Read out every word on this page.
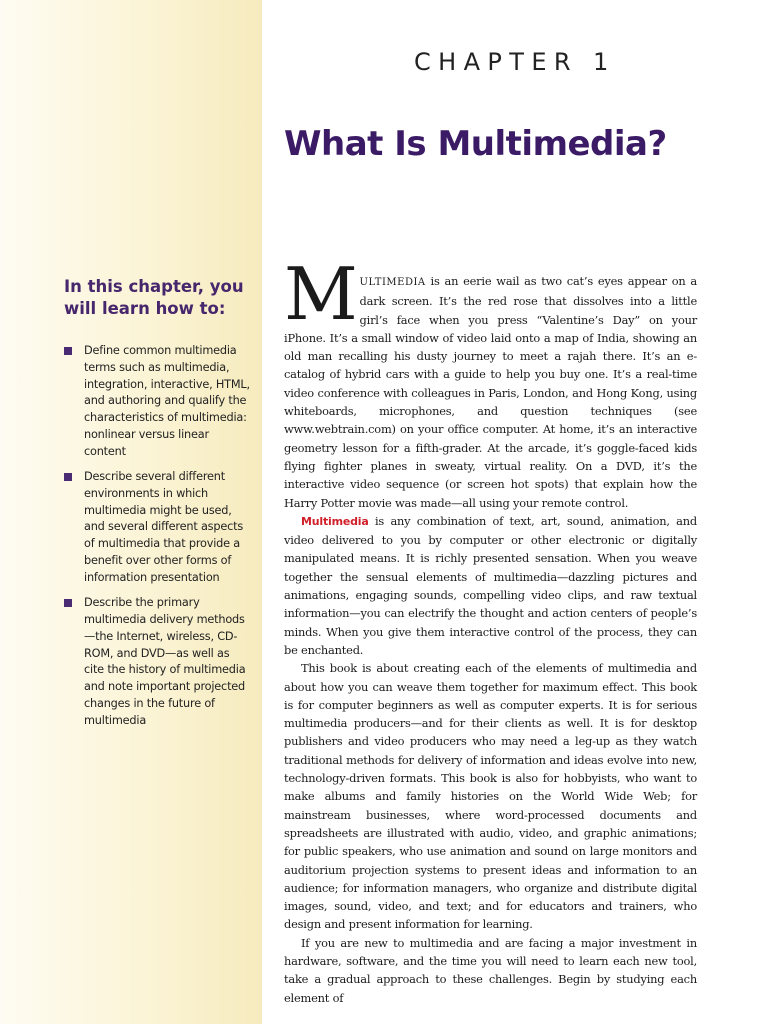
In this chapter, you will learn how to:
Define common multimedia terms such as multimedia, integration, interactive, HTML, and authoring and qualify the characteristics of multimedia: nonlinear versus linear content
Describe several different environments in which multimedia might be used, and several different aspects of multimedia that provide a benefit over other forms of information presentation
Describe the primary multimedia delivery methods—the Internet, wireless, CD-ROM, and DVD—as well as cite the history of multimedia and note important projected changes in the future of multimedia
CHAPTER 1
What Is Multimedia?

MULTIMEDIA is an eerie wail as two cat’s eyes appear on a dark screen. It’s the red rose that dissolves into a little girl’s face when you press “Valentine’s Day” on your iPhone. It’s a small window of video laid onto a map of India, showing an old man recalling his dusty journey to meet a rajah there. It’s an e-catalog of hybrid cars with a guide to help you buy one. It’s a real-time video conference with colleagues in Paris, London, and Hong Kong, using whiteboards, microphones, and question techniques (see www.webtrain.com) on your office computer. At home, it’s an interactive geometry lesson for a fifth-grader. At the arcade, it’s goggle-faced kids flying fighter planes in sweaty, virtual reality. On a DVD, it’s the interactive video sequence (or screen hot spots) that explain how the Harry Potter movie was made—all using your remote control.

Multimedia is any combination of text, art, sound, animation, and video delivered to you by computer or other electronic or digitally manipulated means. It is richly presented sensation. When you weave together the sensual elements of multimedia—dazzling pictures and animations, engaging sounds, compelling video clips, and raw textual information—you can electrify the thought and action centers of people’s minds. When you give them interactive control of the process, they can be enchanted.

This book is about creating each of the elements of multimedia and about how you can weave them together for maximum effect. This book is for computer beginners as well as computer experts. It is for serious multimedia producers—and for their clients as well. It is for desktop publishers and video producers who may need a leg-up as they watch traditional methods for delivery of information and ideas evolve into new, technology-driven formats. This book is also for hobbyists, who want to make albums and family histories on the World Wide Web; for mainstream businesses, where word-processed documents and spreadsheets are illustrated with audio, video, and graphic animations; for public speakers, who use animation and sound on large monitors and auditorium projection systems to present ideas and information to an audience; for information managers, who organize and distribute digital images, sound, video, and text; and for educators and trainers, who design and present information for learning.

If you are new to multimedia and are facing a major investment in hardware, software, and the time you will need to learn each new tool, take a gradual approach to these challenges. Begin by studying each element of
